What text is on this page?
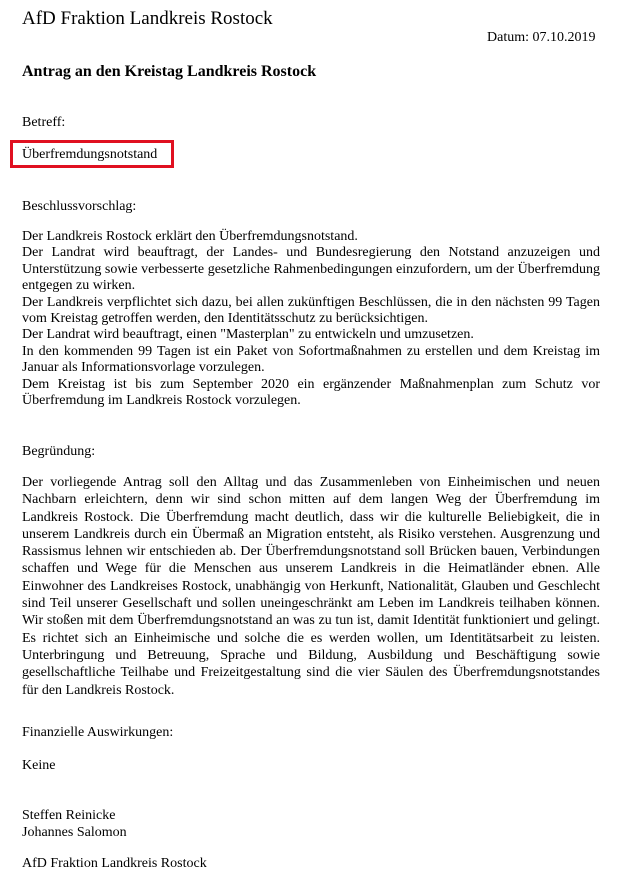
AfD Fraktion Landkreis Rostock
Datum: 07.10.2019
Antrag an den Kreistag Landkreis Rostock
Betreff:
Überfremdungsnotstand
Beschlussvorschlag:

Der Landkreis Rostock erklärt den Überfremdungsnotstand.

Der Landrat wird beauftragt, der Landes- und Bundesregierung den Notstand anzuzeigen und Unterstützung sowie verbesserte gesetzliche Rahmenbedingungen einzufordern, um der Überfremdung entgegen zu wirken.

Der Landkreis verpflichtet sich dazu, bei allen zukünftigen Beschlüssen, die in den nächsten 99 Tagen vom Kreistag getroffen werden, den Identitätsschutz zu berücksichtigen.

Der Landrat wird beauftragt, einen "Masterplan" zu entwickeln und umzusetzen.

In den kommenden 99 Tagen ist ein Paket von Sofortmaßnahmen zu erstellen und dem Kreistag im Januar als Informationsvorlage vorzulegen.

Dem Kreistag ist bis zum September 2020 ein ergänzender Maßnahmenplan zum Schutz vor Überfremdung im Landkreis Rostock vorzulegen.

Begründung:

Der vorliegende Antrag soll den Alltag und das Zusammenleben von Einheimischen und neuen Nachbarn erleichtern, denn wir sind schon mitten auf dem langen Weg der Überfremdung im Landkreis Rostock. Die Überfremdung macht deutlich, dass wir die kulturelle Beliebigkeit, die in unserem Landkreis durch ein Übermaß an Migration entsteht, als Risiko verstehen. Ausgrenzung und Rassismus lehnen wir entschieden ab. Der Überfremdungsnotstand soll Brücken bauen, Verbindungen schaffen und Wege für die Menschen aus unserem Landkreis in die Heimatländer ebnen. Alle Einwohner des Landkreises Rostock, unabhängig von Herkunft, Nationalität, Glauben und Geschlecht sind Teil unserer Gesellschaft und sollen uneingeschränkt am Leben im Landkreis teilhaben können. Wir stoßen mit dem Überfremdungsnotstand an was zu tun ist, damit Identität funktioniert und gelingt. Es richtet sich an Einheimische und solche die es werden wollen, um Identitätsarbeit zu leisten. Unterbringung und Betreuung, Sprache und Bildung, Ausbildung und Beschäftigung sowie gesellschaftliche Teilhabe und Freizeitgestaltung sind die vier Säulen des Überfremdungsnotstandes für den Landkreis Rostock.

Finanzielle Auswirkungen:
Keine
Steffen Reinicke
Johannes Salomon
AfD Fraktion Landkreis Rostock
